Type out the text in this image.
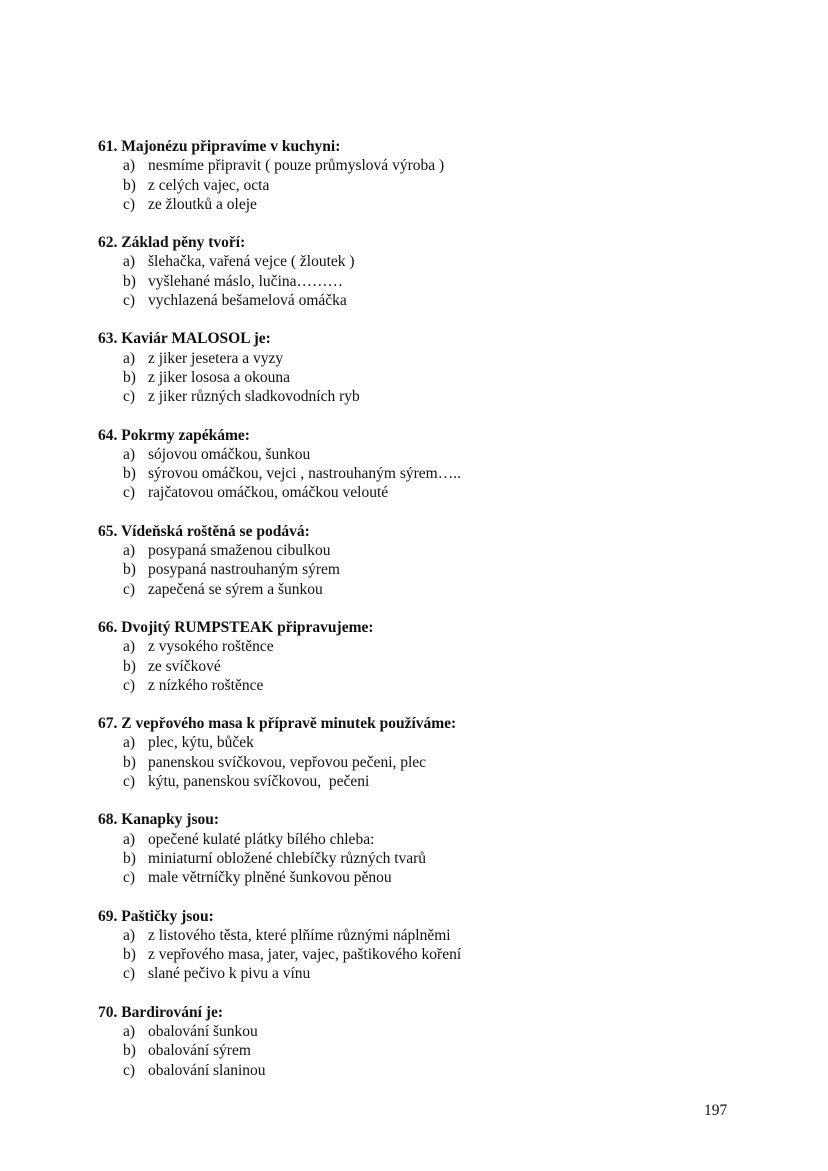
61. Majonézu připravíme v kuchyni:
a) nesmíme připravit ( pouze průmyslová výroba )
b) z celých vajec, octa
c) ze žloutků a oleje
62. Základ pěny tvoří:
a) šlehačka, vařená vejce ( žloutek )
b) vyšlehané máslo, lučina………
c) vychlazená bešamelová omáčka
63. Kaviár MALOSOL je:
a) z jiker jesetera a vyzy
b) z jiker lososa a okouna
c) z jiker různých sladkovodních ryb
64. Pokrmy zapékáme:
a) sójovou omáčkou, šunkou
b) sýrovou omáčkou, vejci , nastrouhaným sýrem…..
c) rajčatovou omáčkou, omáčkou velouté
65. Vídeňská roštěná se podává:
a) posypaná smaženou cibulkou
b) posypaná nastrouhaným sýrem
c) zapečená se sýrem a šunkou
66. Dvojitý RUMPSTEAK připravujeme:
a) z vysokého roštěnce
b) ze svíčkové
c) z nízkého roštěnce
67. Z vepřového masa k přípravě minutek používáme:
a) plec, kýtu, bůček
b) panenskou svíčkovou, vepřovou pečeni, plec
c) kýtu, panenskou svíčkovou,  pečeni
68. Kanapky jsou:
a) opečené kulaté plátky bílého chleba:
b) miniaturní obložené chlebíčky různých tvarů
c) male větrníčky plněné šunkovou pěnou
69. Paštičky jsou:
a) z listového těsta, které plňíme různými náplněmi
b) z vepřového masa, jater, vajec, paštikového koření
c) slané pečivo k pivu a vínu
70. Bardirování je:
a) obalování šunkou
b) obalování sýrem
c) obalování slaninou
197
